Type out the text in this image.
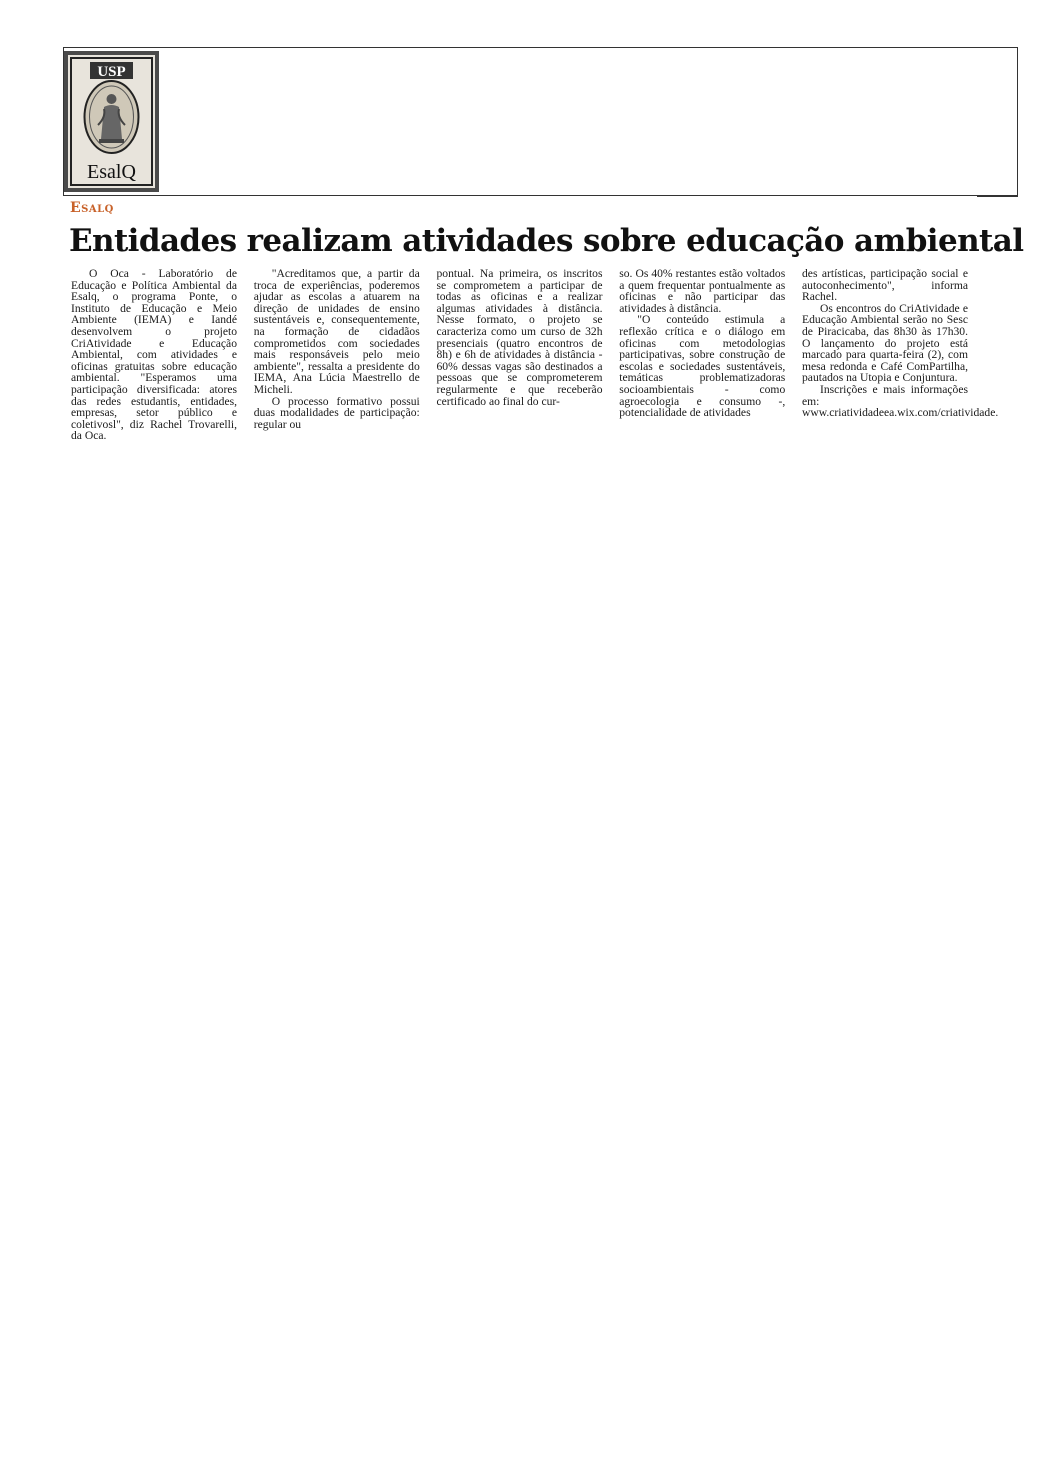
USP
EsalQ
Esalq
Entidades realizam atividades sobre educação ambiental

O Oca - Laboratório de Educação e Política Ambiental da Esalq, o programa Ponte, o Instituto de Educação e Meio Ambiente (IEMA) e Iandé desenvolvem o projeto CriAtividade e Educação Ambiental, com atividades e oficinas gratuitas sobre educação ambiental. "Esperamos uma participação diversificada: atores das redes estudantis, entidades, empresas, setor público e coletivosl", diz Rachel Trovarelli, da Oca.

"Acreditamos que, a partir da troca de experiências, poderemos ajudar as escolas a atuarem na direção de unidades de ensino sustentáveis e, consequentemente, na formação de cidadãos comprometidos com sociedades mais responsáveis pelo meio ambiente", ressalta a presidente do IEMA, Ana Lúcia Maestrello de Micheli.

O processo formativo possui duas modalidades de participação: regular ou

pontual. Na primeira, os inscritos se comprometem a participar de todas as oficinas e a realizar algumas atividades à distância. Nesse formato, o projeto se caracteriza como um curso de 32h presenciais (quatro encontros de 8h) e 6h de atividades à distância - 60% dessas vagas são destinados a pessoas que se comprometerem regularmente e que receberão certificado ao final do cur-

so. Os 40% restantes estão voltados a quem frequentar pontualmente as oficinas e não participar das atividades à distância.

"O conteúdo estimula a reflexão crítica e o diálogo em oficinas com metodologias participativas, sobre construção de escolas e sociedades sustentáveis, temáticas problematizadoras socioambientais - como agroecologia e consumo -, potencialidade de atividades

des artísticas, participação social e autoconhecimento", informa Rachel.

Os encontros do CriAtividade e Educação Ambiental serão no Sesc de Piracicaba, das 8h30 às 17h30. O lançamento do projeto está marcado para quarta-feira (2), com mesa redonda e Café ComPartilha, pautados na Utopia e Conjuntura.

Inscrições e mais informações em: www.criatividadeea.wix.com/criatividade.
